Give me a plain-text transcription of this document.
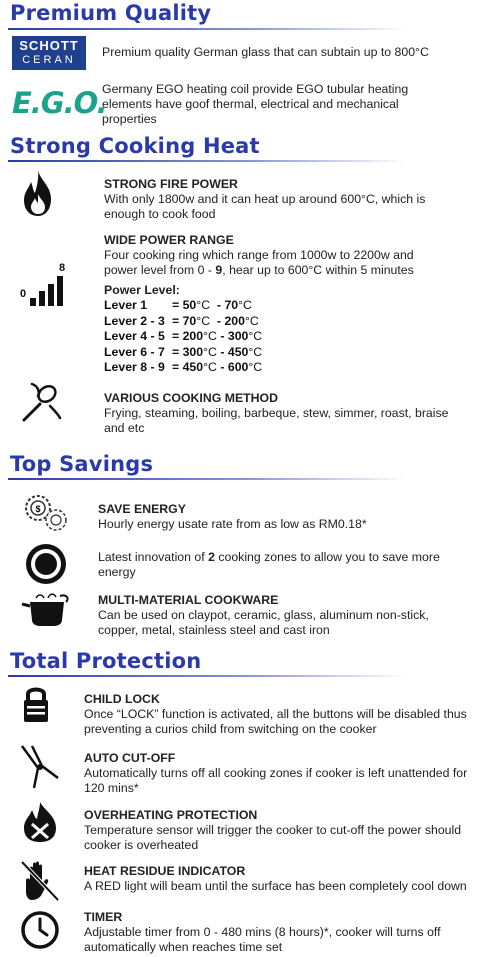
Premium Quality
SCHOTT
CERAN
Premium quality German glass that can subtain up to 800°C
E.G.O.
Germany EGO heating coil provide EGO tubular heating elements have goof thermal, electrical and mechanical properties
Strong Cooking Heat
STRONG FIRE POWER
With only 1800w and it can heat up around 600°C, which is enough to cook food
WIDE POWER RANGE
Four cooking ring which range from 1000w to 2200w and
power level from 0 - 9, hear up to 600°C within 5 minutes
0
8
Power Level:
Lever 1 = 50°C  - 70°C
Lever 2 - 3 = 70°C  - 200°C
Lever 4 - 5 = 200°C - 300°C
Lever 6 - 7 = 300°C - 450°C
Lever 8 - 9 = 450°C - 600°C
VARIOUS COOKING METHOD
Frying, steaming, boiling, barbeque, stew, simmer, roast, braise and etc
Top Savings
$	SAVE ENERGY
Hourly energy usate rate from as low as RM0.18*
Latest innovation of 2 cooking zones to allow you to save more energy
MULTI-MATERIAL COOKWARE
Can be used on claypot, ceramic, glass, aluminum non-stick, copper, metal, stainless steel and cast iron
Total Protection
CHILD LOCK
Once “LOCK” function is activated, all the buttons will be disabled thus preventing a curios child from switching on the cooker
AUTO CUT-OFF
Automatically turns off all cooking zones if cooker is left unattended for 120 mins*
OVERHEATING PROTECTION
Temperature sensor will trigger the cooker to cut-off the power should cooker is overheated
HEAT RESIDUE INDICATOR
A RED light will beam until the surface has been completely cool down
TIMER
Adjustable timer from 0 - 480 mins (8 hours)*, cooker will turns off automatically when reaches time set
